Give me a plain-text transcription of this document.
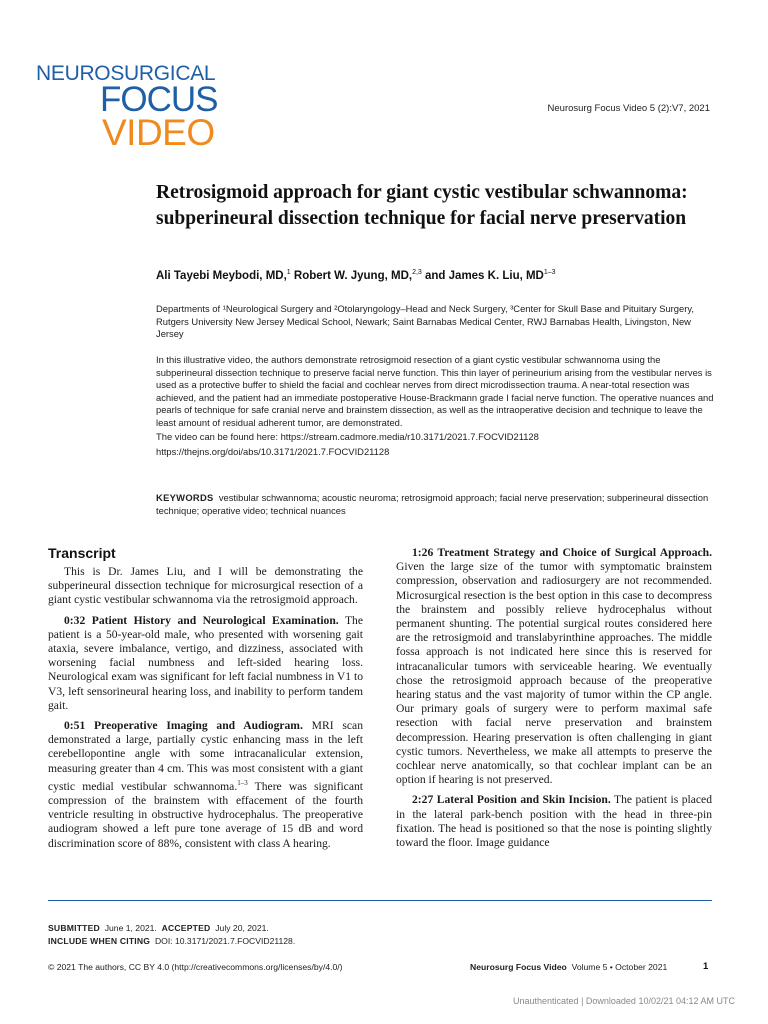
NEUROSURGICAL
FOCUS
VIDEO
Neurosurg Focus Video 5 (2):V7, 2021
Retrosigmoid approach for giant cystic vestibular schwannoma: subperineural dissection technique for facial nerve preservation
Ali Tayebi Meybodi, MD,$^1$ Robert W. Jyung, MD,$^{2,3}$ and James K. Liu, MD$^{1-3}$

Departments of ¹Neurological Surgery and ²Otolaryngology–Head and Neck Surgery, ³Center for Skull Base and Pituitary Surgery, Rutgers University New Jersey Medical School, Newark; Saint Barnabas Medical Center, RWJ Barnabas Health, Livingston, New Jersey

In this illustrative video, the authors demonstrate retrosigmoid resection of a giant cystic vestibular schwannoma using the subperineural dissection technique to preserve facial nerve function. This thin layer of perineurium arising from the vestibular nerves is used as a protective buffer to shield the facial and cochlear nerves from direct microdissection trauma. A near-total resection was achieved, and the patient had an immediate postoperative House-Brackmann grade I facial nerve function. The operative nuances and pearls of technique for safe cranial nerve and brainstem dissection, as well as the intraoperative decision and technique to leave the least amount of residual adherent tumor, are demonstrated.

The video can be found here: https://stream.cadmore.media/r10.3171/2021.7.FOCVID21128

https://thejns.org/doi/abs/10.3171/2021.7.FOCVID21128

KEYWORDS vestibular schwannoma; acoustic neuroma; retrosigmoid approach; facial nerve preservation; subperineural dissection technique; operative video; technical nuances

Transcript

This is Dr. James Liu, and I will be demonstrating the subperineural dissection technique for microsurgical resection of a giant cystic vestibular schwannoma via the retrosigmoid approach.

0:32 Patient History and Neurological Examination. The patient is a 50-year-old male, who presented with worsening gait ataxia, severe imbalance, vertigo, and dizziness, associated with worsening facial numbness and left-sided hearing loss. Neurological exam was significant for left facial numbness in V1 to V3, left sensorineural hearing loss, and inability to perform tandem gait.

0:51 Preoperative Imaging and Audiogram. MRI scan demonstrated a large, partially cystic enhancing mass in the left cerebellopontine angle with some intracanalicular extension, measuring greater than 4 cm. This was most consistent with a giant cystic medial vestibular schwannoma.$^{1-3}$ There was significant compression of the brainstem with effacement of the fourth ventricle resulting in obstructive hydrocephalus. The preoperative audiogram showed a left pure tone average of 15 dB and word discrimination score of 88%, consistent with class A hearing.

1:26 Treatment Strategy and Choice of Surgical Approach. Given the large size of the tumor with symptomatic brainstem compression, observation and radiosurgery are not recommended. Microsurgical resection is the best option in this case to decompress the brainstem and possibly relieve hydrocephalus without permanent shunting. The potential surgical routes considered here are the retrosigmoid and translabyrinthine approaches. The middle fossa approach is not indicated here since this is reserved for intracanalicular tumors with serviceable hearing. We eventually chose the retrosigmoid approach because of the preoperative hearing status and the vast majority of tumor within the CP angle. Our primary goals of surgery were to perform maximal safe resection with facial nerve preservation and brainstem decompression. Hearing preservation is often challenging in giant cystic tumors. Nevertheless, we make all attempts to preserve the cochlear nerve anatomically, so that cochlear implant can be an option if hearing is not preserved.

2:27 Lateral Position and Skin Incision. The patient is placed in the lateral park-bench position with the head in three-pin fixation. The head is positioned so that the nose is pointing slightly toward the floor. Image guidance

SUBMITTED June 1, 2021. ACCEPTED July 20, 2021.
INCLUDE WHEN CITING DOI: 10.3171/2021.7.FOCVID21128.
© 2021 The authors, CC BY 4.0 (http://creativecommons.org/licenses/by/4.0/)	Neurosurg Focus Video Volume 5 • October 2021	1
Unauthenticated | Downloaded 10/02/21 04:12 AM UTC
